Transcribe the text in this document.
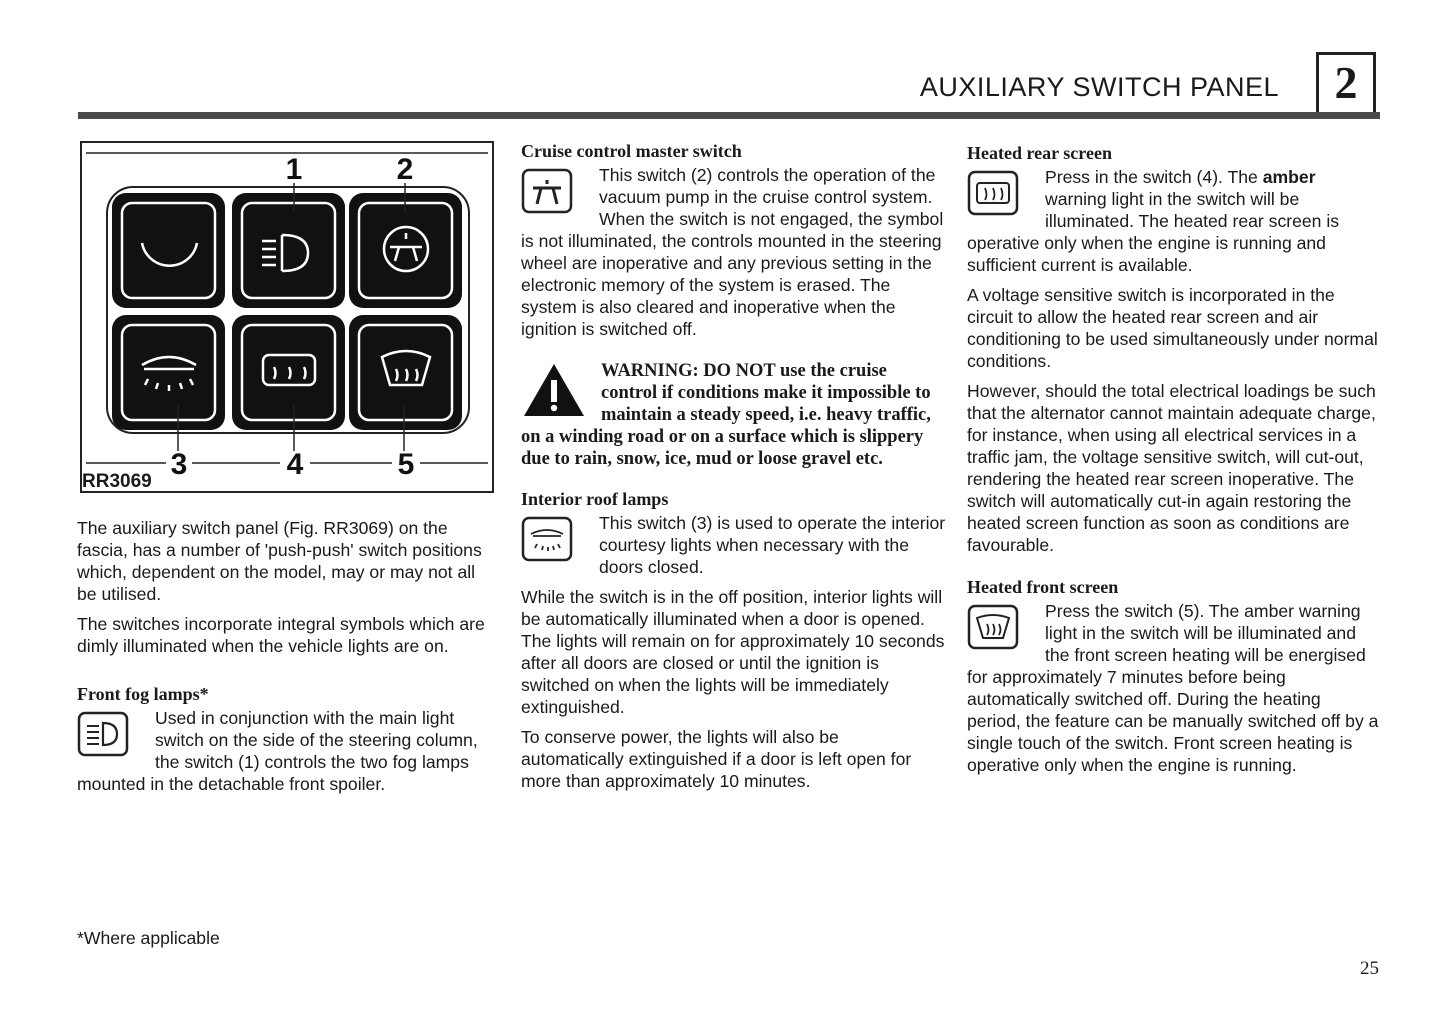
AUXILIARY SWITCH PANEL	2
1	2
3	4	5
RR3069

The auxiliary switch panel (Fig. RR3069) on the fascia, has a number of 'push-push' switch positions which, dependent on the model, may or may not all be utilised.

The switches incorporate integral symbols which are dimly illuminated when the vehicle lights are on.

Front fog lamps*

Used in conjunction with the main light switch on the side of the steering column, the switch (1) controls the two fog lamps mounted in the detachable front spoiler.

Cruise control master switch

This switch (2) controls the operation of the vacuum pump in the cruise control system. When the switch is not engaged, the symbol is not illuminated, the controls mounted in the steering wheel are inoperative and any previous setting in the electronic memory of the system is erased. The system is also cleared and inoperative when the ignition is switched off.

WARNING: DO NOT use the cruise control if conditions make it impossible to maintain a steady speed, i.e. heavy traffic, on a winding road or on a surface which is slippery due to rain, snow, ice, mud or loose gravel etc.
Interior roof lamps

This switch (3) is used to operate the interior courtesy lights when necessary with the doors closed.

While the switch is in the off position, interior lights will be automatically illuminated when a door is opened. The lights will remain on for approximately 10 seconds after all doors are closed or until the ignition is switched on when the lights will be immediately extinguished.

To conserve power, the lights will also be automatically extinguished if a door is left open for more than approximately 10 minutes.

Heated rear screen

Press in the switch (4). The amber warning light in the switch will be illuminated. The heated rear screen is operative only when the engine is running and sufficient current is available.

A voltage sensitive switch is incorporated in the circuit to allow the heated rear screen and air conditioning to be used simultaneously under normal conditions.

However, should the total electrical loadings be such that the alternator cannot maintain adequate charge, for instance, when using all electrical services in a traffic jam, the voltage sensitive switch, will cut-out, rendering the heated rear screen inoperative. The switch will automatically cut-in again restoring the heated screen function as soon as conditions are favourable.

Heated front screen

Press the switch (5). The amber warning light in the switch will be illuminated and the front screen heating will be energised for approximately 7 minutes before being automatically switched off. During the heating period, the feature can be manually switched off by a single touch of the switch. Front screen heating is operative only when the engine is running.

*Where applicable
25
